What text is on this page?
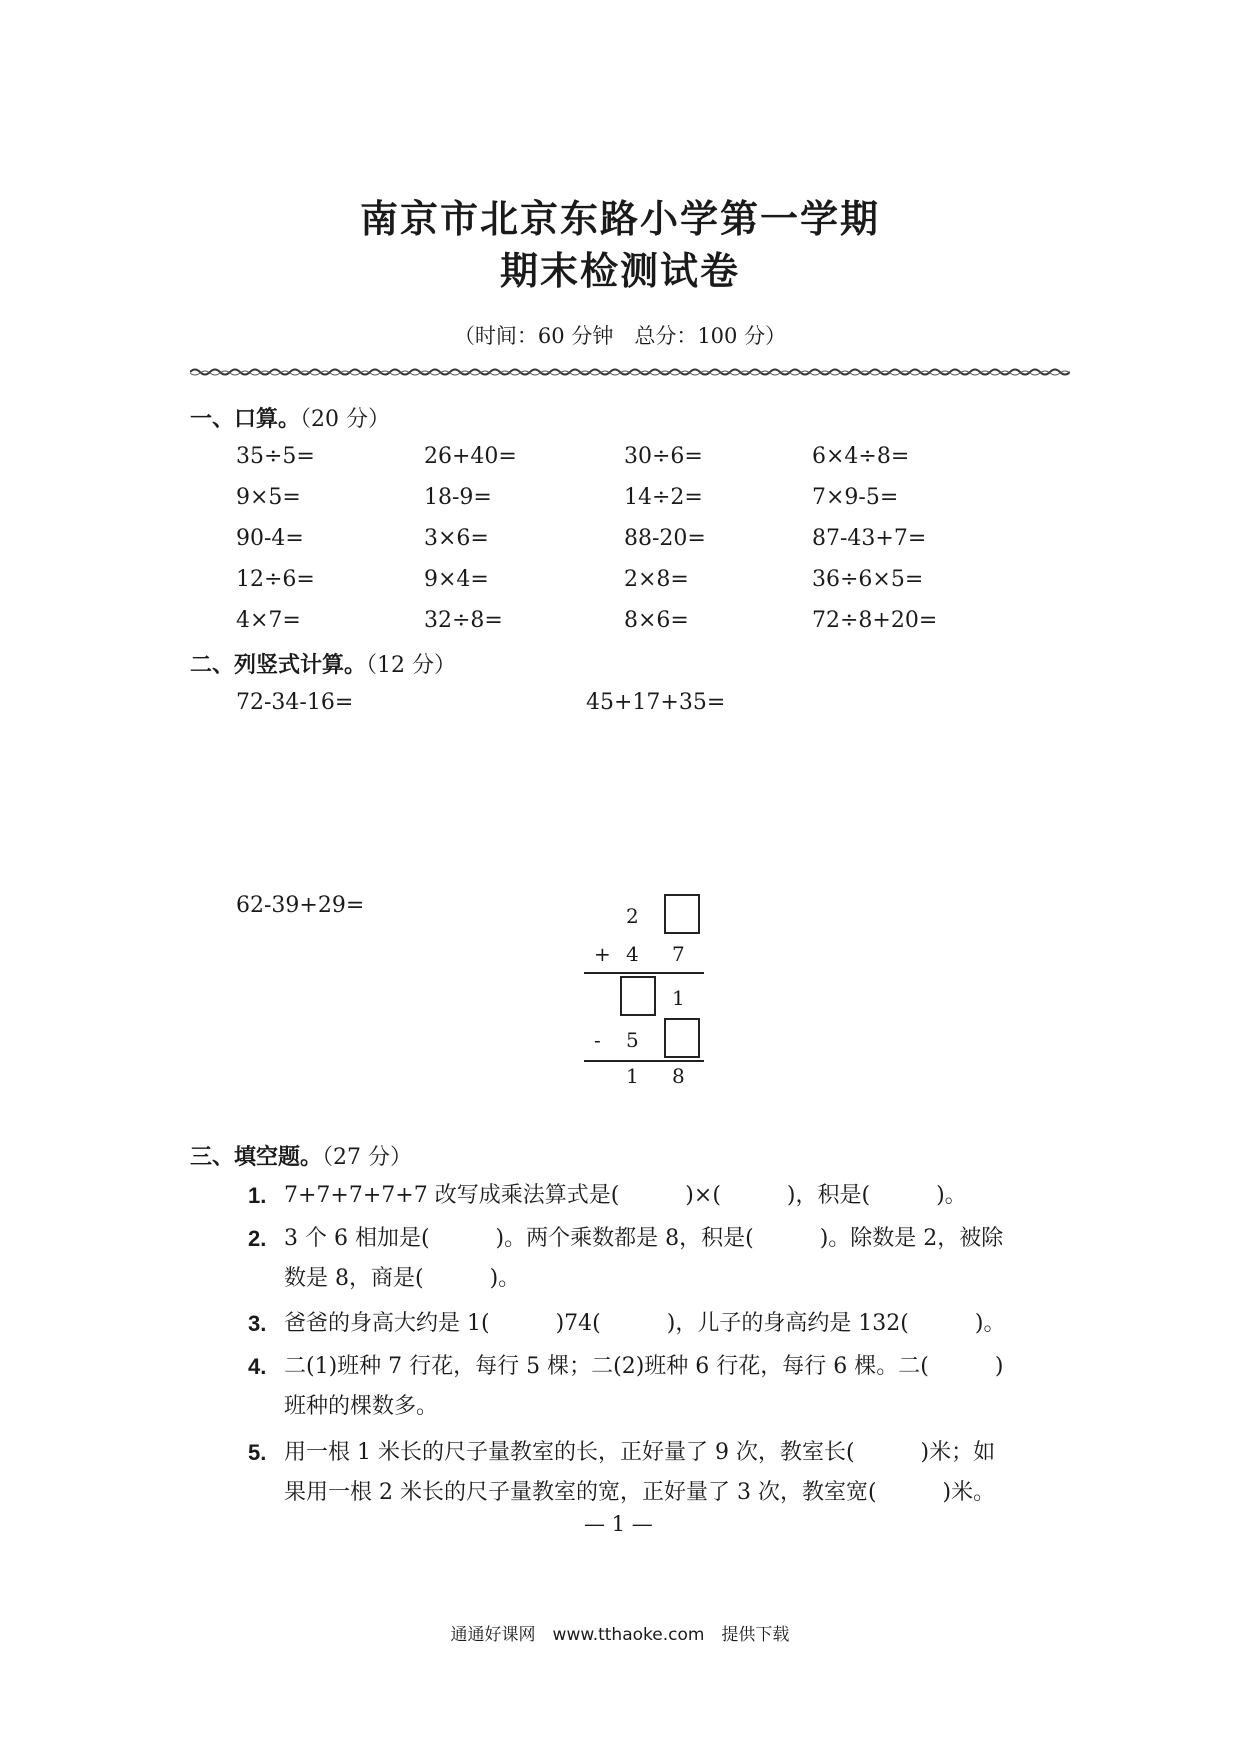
南京市北京东路小学第一学期
期末检测试卷
（时间：60 分钟　总分：100 分）
一、口算。（20 分）
35÷5=	26+40=	30÷6=	6×4÷8=
9×5=	18-9=	14÷2=	7×9-5=
90-4=	3×6=	88-20=	87-43+7=
12÷6=	9×4=	2×8=	36÷6×5=
4×7=	32÷8=	8×6=	72÷8+20=
二、列竖式计算。（12 分）
72-34-16=	45+17+35=
62-39+29=	2
+ 4 7
1
- 5
1 8
三、填空题。（27 分）
1. 7+7+7+7+7 改写成乘法算式是(　　　)×(　　　)，积是(　　　)。
2. 3 个 6 相加是(　　　)。两个乘数都是 8，积是(　　　)。除数是 2，被除
数是 8，商是(　　　)。
3. 爸爸的身高大约是 1(　　　)74(　　　)，儿子的身高约是 132(　　　)。
4. 二(1)班种 7 行花，每行 5 棵；二(2)班种 6 行花，每行 6 棵。二(　　　)
班种的棵数多。
5. 用一根 1 米长的尺子量教室的长，正好量了 9 次，教室长(　　　)米；如
果用一根 2 米长的尺子量教室的宽，正好量了 3 次，教室宽(　　　)米。
— 1 —
通通好课网　www.tthaoke.com　提供下载
